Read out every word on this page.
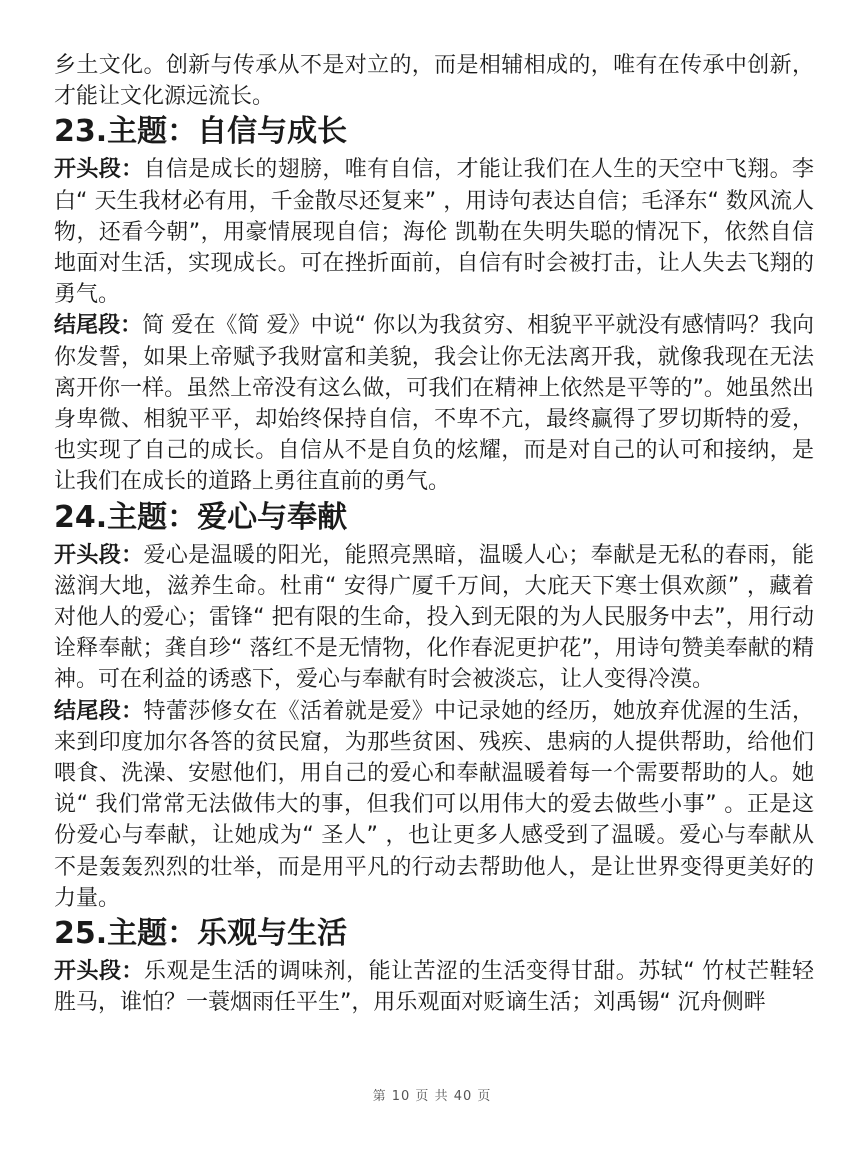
乡土文化。创新与传承从不是对立的，而是相辅相成的，唯有在传承中创新，才能让文化源远流长。

23.主题：自信与成长

开头段：自信是成长的翅膀，唯有自信，才能让我们在人生的天空中飞翔。李白“ 天生我材必有用，千金散尽还复来” ，用诗句表达自信；毛泽东“ 数风流人物，还看今朝”，用豪情展现自信；海伦 凯勒在失明失聪的情况下，依然自信地面对生活，实现成长。可在挫折面前，自信有时会被打击，让人失去飞翔的勇气。

结尾段：简 爱在《简 爱》中说“ 你以为我贫穷、相貌平平就没有感情吗？我向你发誓，如果上帝赋予我财富和美貌，我会让你无法离开我，就像我现在无法离开你一样。虽然上帝没有这么做，可我们在精神上依然是平等的”。她虽然出身卑微、相貌平平，却始终保持自信，不卑不亢，最终赢得了罗切斯特的爱，也实现了自己的成长。自信从不是自负的炫耀，而是对自己的认可和接纳，是让我们在成长的道路上勇往直前的勇气。

24.主题：爱心与奉献

开头段：爱心是温暖的阳光，能照亮黑暗，温暖人心；奉献是无私的春雨，能滋润大地，滋养生命。杜甫“ 安得广厦千万间，大庇天下寒士俱欢颜” ，藏着对他人的爱心；雷锋“ 把有限的生命，投入到无限的为人民服务中去”，用行动诠释奉献；龚自珍“ 落红不是无情物，化作春泥更护花”，用诗句赞美奉献的精神。可在利益的诱惑下，爱心与奉献有时会被淡忘，让人变得冷漠。

结尾段：特蕾莎修女在《活着就是爱》中记录她的经历，她放弃优渥的生活，来到印度加尔各答的贫民窟，为那些贫困、残疾、患病的人提供帮助，给他们喂食、洗澡、安慰他们，用自己的爱心和奉献温暖着每一个需要帮助的人。她说“ 我们常常无法做伟大的事，但我们可以用伟大的爱去做些小事” 。正是这份爱心与奉献，让她成为“ 圣人” ，也让更多人感受到了温暖。爱心与奉献从不是轰轰烈烈的壮举，而是用平凡的行动去帮助他人，是让世界变得更美好的力量。

25.主题：乐观与生活

开头段：乐观是生活的调味剂，能让苦涩的生活变得甘甜。苏轼“ 竹杖芒鞋轻胜马，谁怕？一蓑烟雨任平生”，用乐观面对贬谪生活；刘禹锡“ 沉舟侧畔

第 10 页 共 40 页
